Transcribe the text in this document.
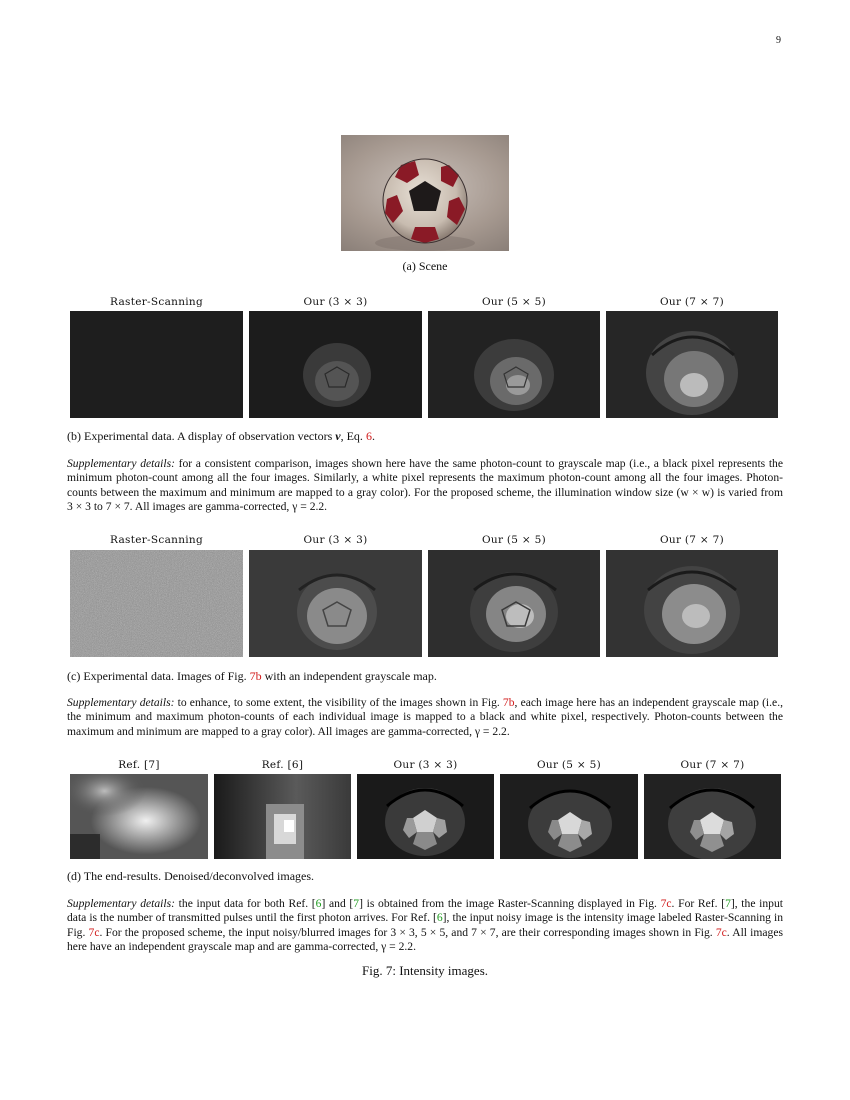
9
(a) Scene
Raster-Scanning	Our (3 × 3)	Our (5 × 5)	Our (7 × 7)
(b) Experimental data. A display of observation vectors v, Eq. 6.
Supplementary details: for a consistent comparison, images shown here have the same photon-count to grayscale map (i.e., a black pixel represents the minimum photon-count among all the four images. Similarly, a white pixel represents the maximum photon-count among all the four images. Photon-counts between the maximum and minimum are mapped to a gray color). For the proposed scheme, the illumination window size (w × w) is varied from 3 × 3 to 7 × 7. All images are gamma-corrected, γ = 2.2.
Raster-Scanning	Our (3 × 3)	Our (5 × 5)	Our (7 × 7)
(c) Experimental data. Images of Fig. 7b with an independent grayscale map.
Supplementary details: to enhance, to some extent, the visibility of the images shown in Fig. 7b, each image here has an independent grayscale map (i.e., the minimum and maximum photon-counts of each individual image is mapped to a black and white pixel, respectively. Photon-counts between the maximum and minimum are mapped to a gray color). All images are gamma-corrected, γ = 2.2.
Ref. [7]	Ref. [6]	Our (3 × 3)	Our (5 × 5)	Our (7 × 7)
(d) The end-results. Denoised/deconvolved images.
Supplementary details: the input data for both Ref. [6] and [7] is obtained from the image Raster-Scanning displayed in Fig. 7c. For Ref. [7], the input data is the number of transmitted pulses until the first photon arrives. For Ref. [6], the input noisy image is the intensity image labeled Raster-Scanning in Fig. 7c. For the proposed scheme, the input noisy/blurred images for 3 × 3, 5 × 5, and 7 × 7, are their corresponding images shown in Fig. 7c. All images here have an independent grayscale map and are gamma-corrected, γ = 2.2.
Fig. 7: Intensity images.
